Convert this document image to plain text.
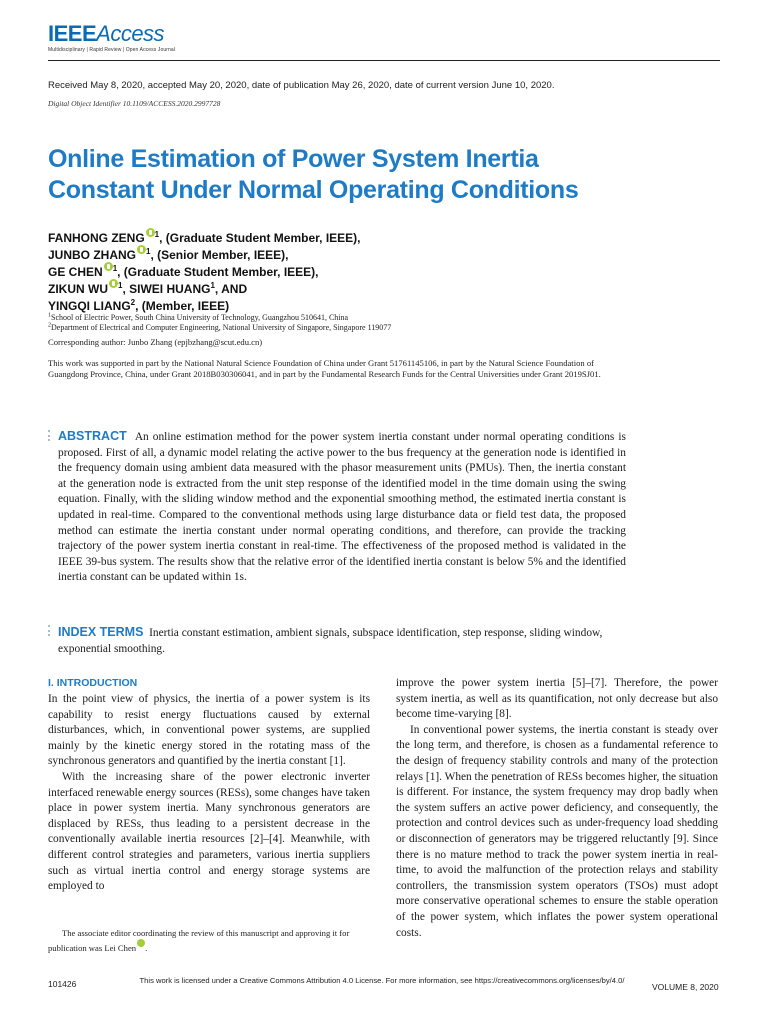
IEEEAccess
Multidisciplinary | Rapid Review | Open Access Journal
Received May 8, 2020, accepted May 20, 2020, date of publication May 26, 2020, date of current version June 10, 2020.
Digital Object Identifier 10.1109/ACCESS.2020.2997728
Online Estimation of Power System Inertia
Constant Under Normal Operating Conditions
FANHONG ZENG $^1$, (Graduate Student Member, IEEE),
JUNBO ZHANG $^1$, (Senior Member, IEEE),
GE CHEN $^1$, (Graduate Student Member, IEEE),
ZIKUN WU $^1$, SIWEI HUANG$^1$, AND
YINGQI LIANG$^2$, (Member, IEEE)
$^1$School of Electric Power, South China University of Technology, Guangzhou 510641, China
$^2$Department of Electrical and Computer Engineering, National University of Singapore, Singapore 119077
Corresponding author: Junbo Zhang (epjbzhang@scut.edu.cn)
This work was supported in part by the National Natural Science Foundation of China under Grant 51761145106, in part by the Natural Science Foundation of Guangdong Province, China, under Grant 2018B030306041, and in part by the Fundamental Research Funds for the Central Universities under Grant 2019SJ01.
ABSTRACT An online estimation method for the power system inertia constant under normal operating conditions is proposed. First of all, a dynamic model relating the active power to the bus frequency at the generation node is identified in the frequency domain using ambient data measured with the phasor measurement units (PMUs). Then, the inertia constant at the generation node is extracted from the unit step response of the identified model in the time domain using the swing equation. Finally, with the sliding window method and the exponential smoothing method, the estimated inertia constant is updated in real-time. Compared to the conventional methods using large disturbance data or field test data, the proposed method can estimate the inertia constant under normal operating conditions, and therefore, can provide the tracking trajectory of the power system inertia constant in real-time. The effectiveness of the proposed method is validated in the IEEE 39-bus system. The results show that the relative error of the identified inertia constant is below 5% and the identified inertia constant can be updated within 1s.
INDEX TERMS Inertia constant estimation, ambient signals, subspace identification, step response, sliding window, exponential smoothing.
I. INTRODUCTION

In the point view of physics, the inertia of a power system is its capability to resist energy fluctuations caused by external disturbances, which, in conventional power systems, are supplied mainly by the kinetic energy stored in the rotating mass of the synchronous generators and quantified by the inertia constant [1].

With the increasing share of the power electronic inverter interfaced renewable energy sources (RESs), some changes have taken place in power system inertia. Many synchronous generators are displaced by RESs, thus leading to a persistent decrease in the conventionally available inertia resources [2]–[4]. Meanwhile, with different control strategies and parameters, various inertia suppliers such as virtual inertia control and energy storage systems are employed to

improve the power system inertia [5]–[7]. Therefore, the power system inertia, as well as its quantification, not only decrease but also become time-varying [8].

In conventional power systems, the inertia constant is steady over the long term, and therefore, is chosen as a fundamental reference to the design of frequency stability controls and many of the protection relays [1]. When the penetration of RESs becomes higher, the situation is different. For instance, the system frequency may drop badly when the system suffers an active power deficiency, and consequently, the protection and control devices such as under-frequency load shedding or disconnection of generators may be triggered reluctantly [9]. Since there is no mature method to track the power system inertia in real-time, to avoid the malfunction of the protection relays and stability controllers, the transmission system operators (TSOs) must adopt more conservative operational schemes to ensure the stable operation of the power system, which inflates the power system operational costs.

The associate editor coordinating the review of this manuscript and approving it for publication was Lei Chen .
101426	This work is licensed under a Creative Commons Attribution 4.0 License. For more information, see https://creativecommons.org/licenses/by/4.0/
VOLUME 8, 2020
